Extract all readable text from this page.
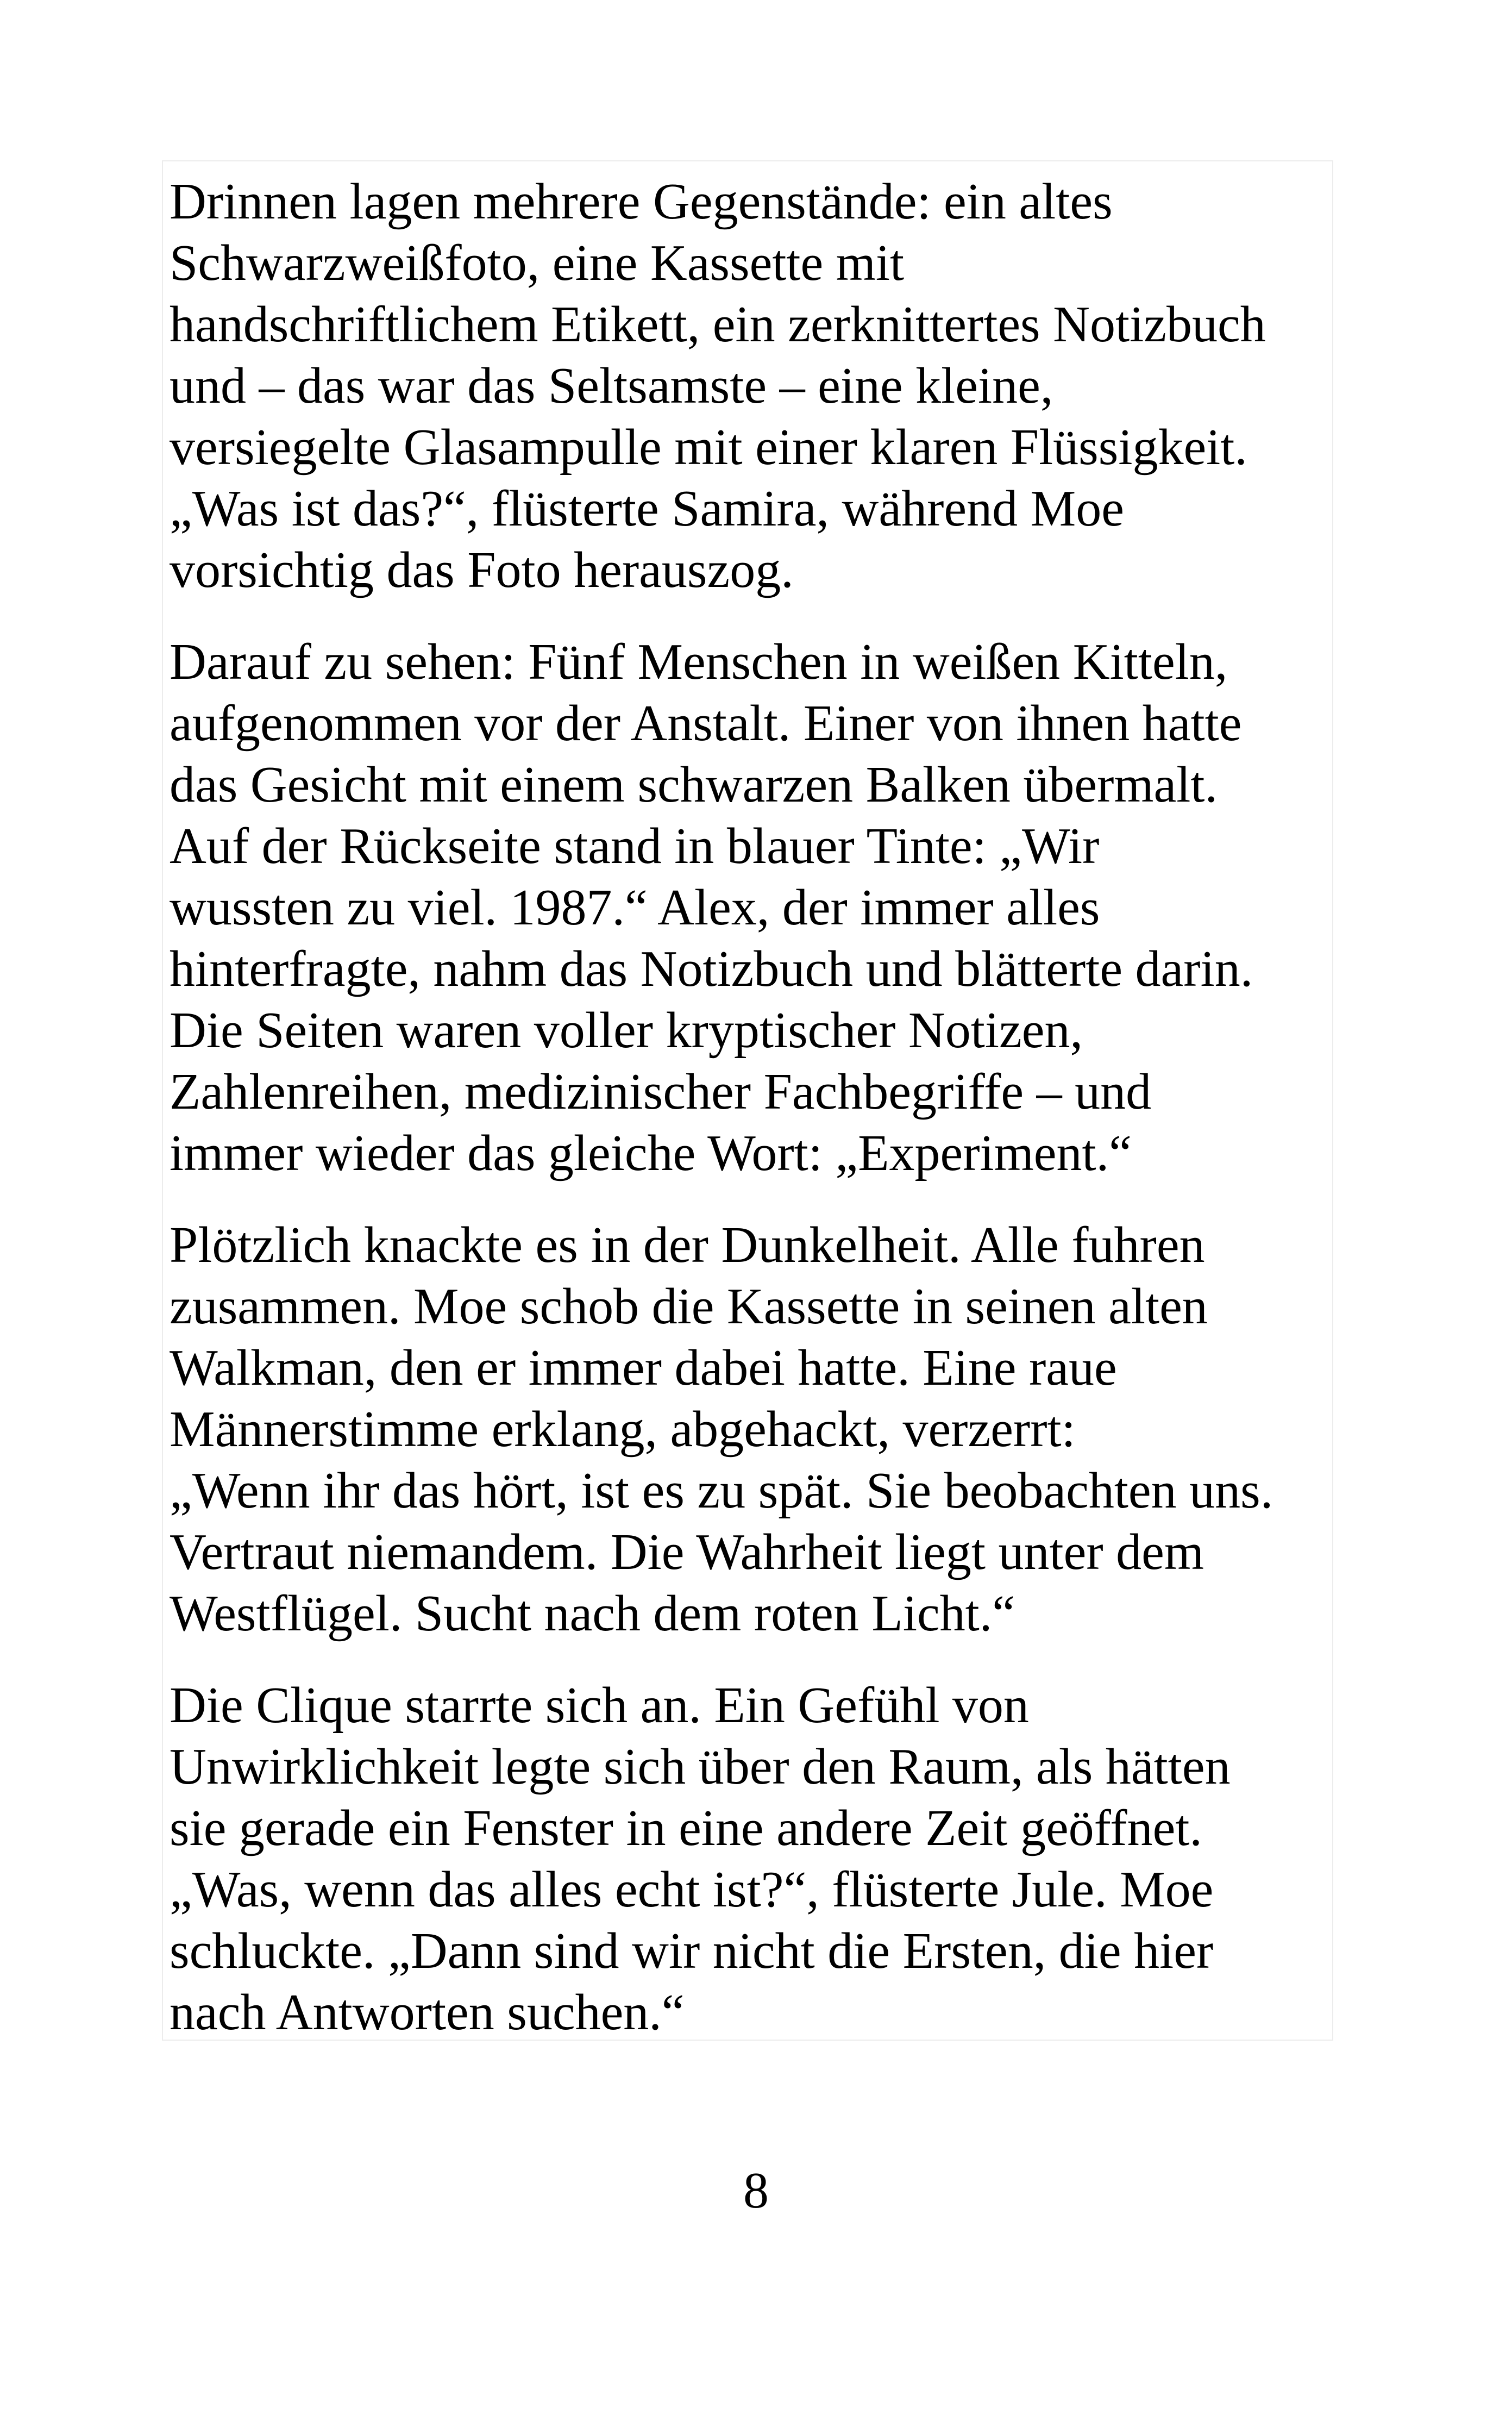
Drinnen lagen mehrere Gegenstände: ein altes
Schwarzweißfoto, eine Kassette mit
handschriftlichem Etikett, ein zerknittertes Notizbuch
und – das war das Seltsamste – eine kleine,
versiegelte Glasampulle mit einer klaren Flüssigkeit.
„Was ist das?“, flüsterte Samira, während Moe
vorsichtig das Foto herauszog.

Darauf zu sehen: Fünf Menschen in weißen Kitteln,
aufgenommen vor der Anstalt. Einer von ihnen hatte
das Gesicht mit einem schwarzen Balken übermalt.
Auf der Rückseite stand in blauer Tinte: „Wir
wussten zu viel. 1987.“ Alex, der immer alles
hinterfragte, nahm das Notizbuch und blätterte darin.
Die Seiten waren voller kryptischer Notizen,
Zahlenreihen, medizinischer Fachbegriffe – und
immer wieder das gleiche Wort: „Experiment.“

Plötzlich knackte es in der Dunkelheit. Alle fuhren
zusammen. Moe schob die Kassette in seinen alten
Walkman, den er immer dabei hatte. Eine raue
Männerstimme erklang, abgehackt, verzerrt:
„Wenn ihr das hört, ist es zu spät. Sie beobachten uns.
Vertraut niemandem. Die Wahrheit liegt unter dem
Westflügel. Sucht nach dem roten Licht.“

Die Clique starrte sich an. Ein Gefühl von
Unwirklichkeit legte sich über den Raum, als hätten
sie gerade ein Fenster in eine andere Zeit geöffnet.
„Was, wenn das alles echt ist?“, flüsterte Jule. Moe
schluckte. „Dann sind wir nicht die Ersten, die hier
nach Antworten suchen.“

8
